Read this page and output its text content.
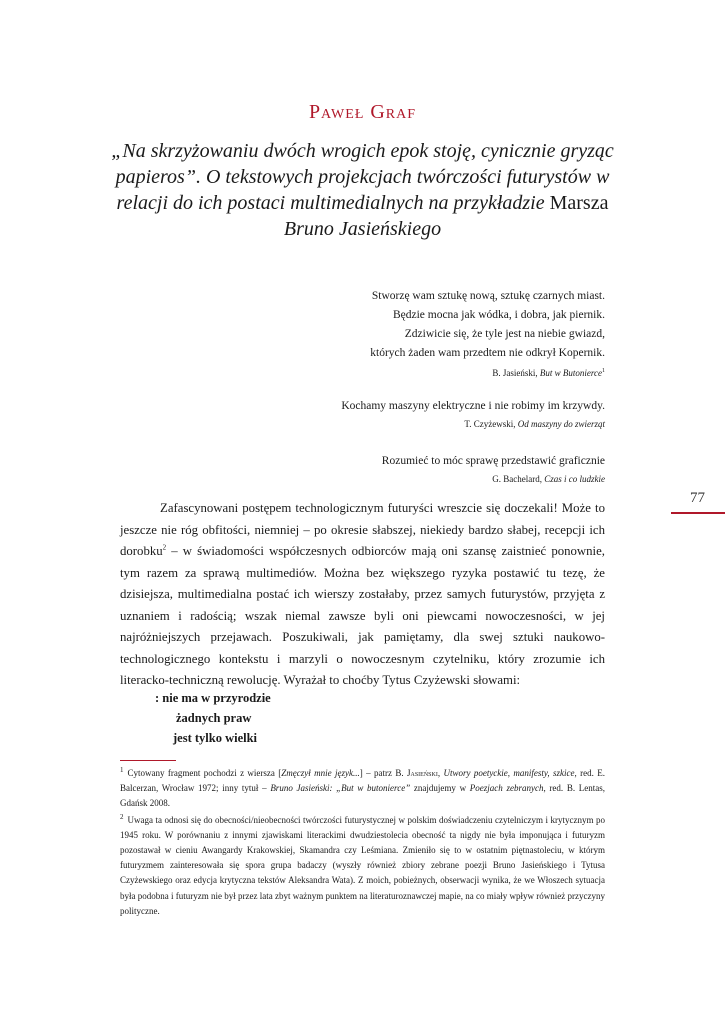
Paweł Graf
„Na skrzyżowaniu dwóch wrogich epok stoję, cynicznie gryząc papieros”. O tekstowych projekcjach twórczości futurystów w relacji do ich postaci multimedialnych na przykładzie Marsza Bruno Jasieńskiego
Stworzę wam sztukę nową, sztukę czarnych miast.
Będzie mocna jak wódka, i dobra, jak piernik.
Zdziwicie się, że tyle jest na niebie gwiazd,
których żaden wam przedtem nie odkrył Kopernik.
B. Jasieński, But w Butonierce$^1$
Kochamy maszyny elektryczne i nie robimy im krzywdy.
T. Czyżewski, Od maszyny do zwierząt
Rozumieć to móc sprawę przedstawić graficznie
G. Bachelard, Czas i co ludzkie
77

Zafascynowani postępem technologicznym futuryści wreszcie się doczekali! Może to jeszcze nie róg obfitości, niemniej – po okresie słabszej, niekiedy bardzo słabej, recepcji ich dorobku$^2$ – w świadomości współczesnych odbiorców mają oni szansę zaistnieć ponownie, tym razem za sprawą multimediów. Można bez większego ryzyka postawić tu tezę, że dzisiejsza, multimedialna postać ich wierszy zostałaby, przez samych futurystów, przyjęta z uznaniem i radością; wszak niemal zawsze byli oni piewcami nowoczesności, w jej najróżniejszych przejawach. Poszukiwali, jak pamiętamy, dla swej sztuki naukowo-technologicznego kontekstu i marzyli o nowoczesnym czytelniku, który zrozumie ich literacko-techniczną rewolucję. Wyrażał to choćby Tytus Czyżewski słowami:

: nie ma w przyrodzie
żadnych praw
jest tylko wielki

$^1$ Cytowany fragment pochodzi z wiersza [Zmęczył mnie język...] – patrz B. Jasieński, Utwory poetyckie, manifesty, szkice, red. E. Balcerzan, Wrocław 1972; inny tytuł – Bruno Jasieński: „But w butonierce” znajdujemy w Poezjach zebranych, red. B. Lentas, Gdańsk 2008.

$^2$ Uwaga ta odnosi się do obecności/nieobecności twórczości futurystycznej w polskim doświadczeniu czytelniczym i krytycznym po 1945 roku. W porównaniu z innymi zjawiskami literackimi dwudziestolecia obecność ta nigdy nie była imponująca i futuryzm pozostawał w cieniu Awangardy Krakowskiej, Skamandra czy Leśmiana. Zmieniło się to w ostatnim piętnastoleciu, w którym futuryzmem zainteresowała się spora grupa badaczy (wyszły również zbiory zebrane poezji Bruno Jasieńskiego i Tytusa Czyżewskiego oraz edycja krytyczna tekstów Aleksandra Wata). Z moich, pobieżnych, obserwacji wynika, że we Włoszech sytuacja była podobna i futuryzm nie był przez lata zbyt ważnym punktem na literaturoznawczej mapie, na co miały wpływ również przyczyny polityczne.
